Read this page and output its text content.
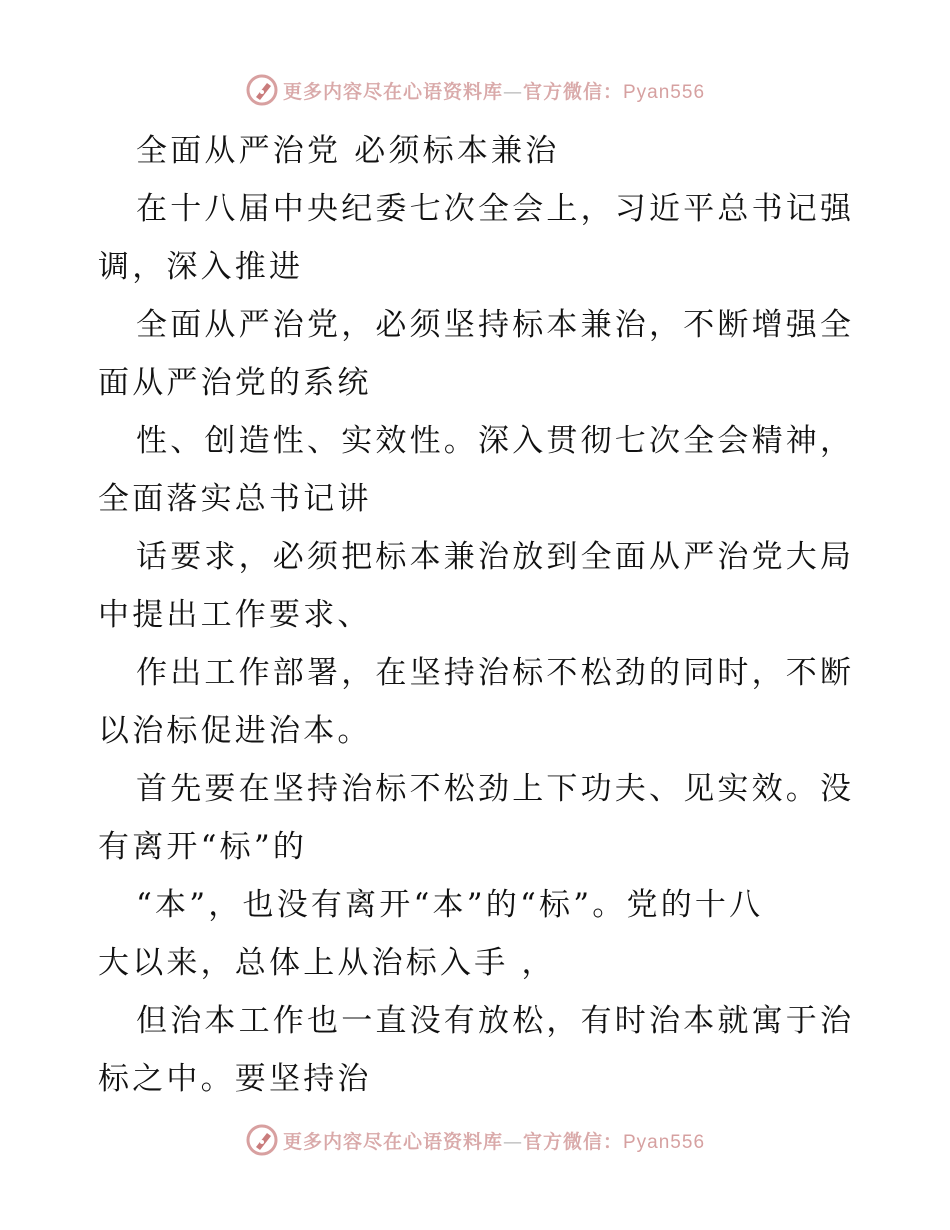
更多内容尽在心语资料库—官方微信：Pyan556
全面从严治党 必须标本兼治
在十八届中央纪委七次全会上，习近平总书记强
调，深入推进
全面从严治党，必须坚持标本兼治，不断增强全
面从严治党的系统
性、创造性、实效性。深入贯彻七次全会精神，
全面落实总书记讲
话要求，必须把标本兼治放到全面从严治党大局
中提出工作要求、
作出工作部署，在坚持治标不松劲的同时，不断
以治标促进治本。
首先要在坚持治标不松劲上下功夫、见实效。没
有离开“标”的
“本”，也没有离开“本”的“标”。党的十八
大以来，总体上从治标入手 ，
但治本工作也一直没有放松，有时治本就寓于治
标之中。要坚持治
更多内容尽在心语资料库—官方微信：Pyan556
